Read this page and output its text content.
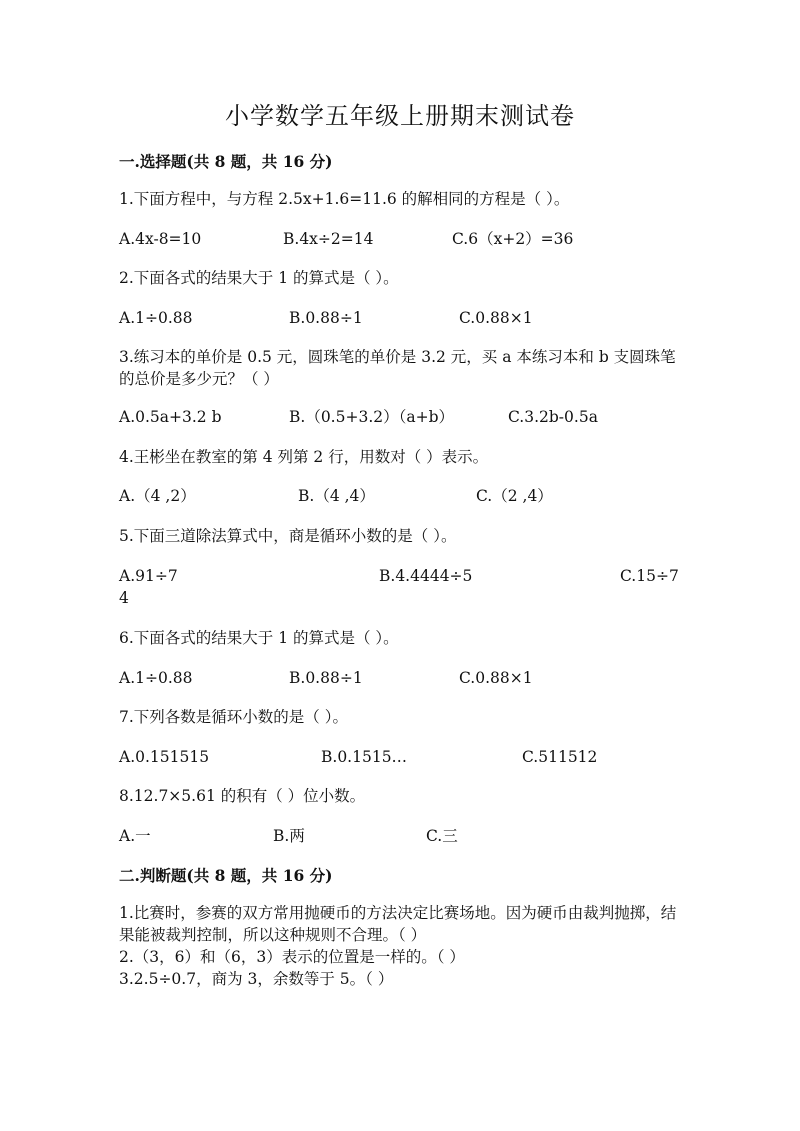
小学数学五年级上册期末测试卷
一.选择题(共 8 题，共 16 分)
1.下面方程中，与方程 2.5x+1.6=11.6 的解相同的方程是（ ）。
A.4x-8=10	B.4x÷2=14	C.6（x+2）=36
2.下面各式的结果大于 1 的算式是（ ）。
A.1÷0.88	B.0.88÷1	C.0.88×1
3.练习本的单价是 0.5 元，圆珠笔的单价是 3.2 元，买 a 本练习本和 b 支圆珠笔的总价是多少元？（ ）
A.0.5a+3.2 b	B.（0.5+3.2）（a+b）	C.3.2b-0.5a
4.王彬坐在教室的第 4 列第 2 行，用数对（ ）表示。
A.（4 ,2）	B.（4 ,4）	C.（2 ,4）
5.下面三道除法算式中，商是循环小数的是（ ）。
A.91÷7	B.4.4444÷5	C.15÷7
4
6.下面各式的结果大于 1 的算式是（ ）。
A.1÷0.88	B.0.88÷1	C.0.88×1
7.下列各数是循环小数的是（ ）。
A.0.151515	B.0.1515…	C.511512
8.12.7×5.61 的积有（ ）位小数。
A.一	B.两	C.三
二.判断题(共 8 题，共 16 分)
1.比赛时，参赛的双方常用抛硬币的方法决定比赛场地。因为硬币由裁判抛掷，结果能被裁判控制，所以这种规则不合理。（ ）
2.（3，6）和（6，3）表示的位置是一样的。（ ）
3.2.5÷0.7，商为 3，余数等于 5。（ ）
